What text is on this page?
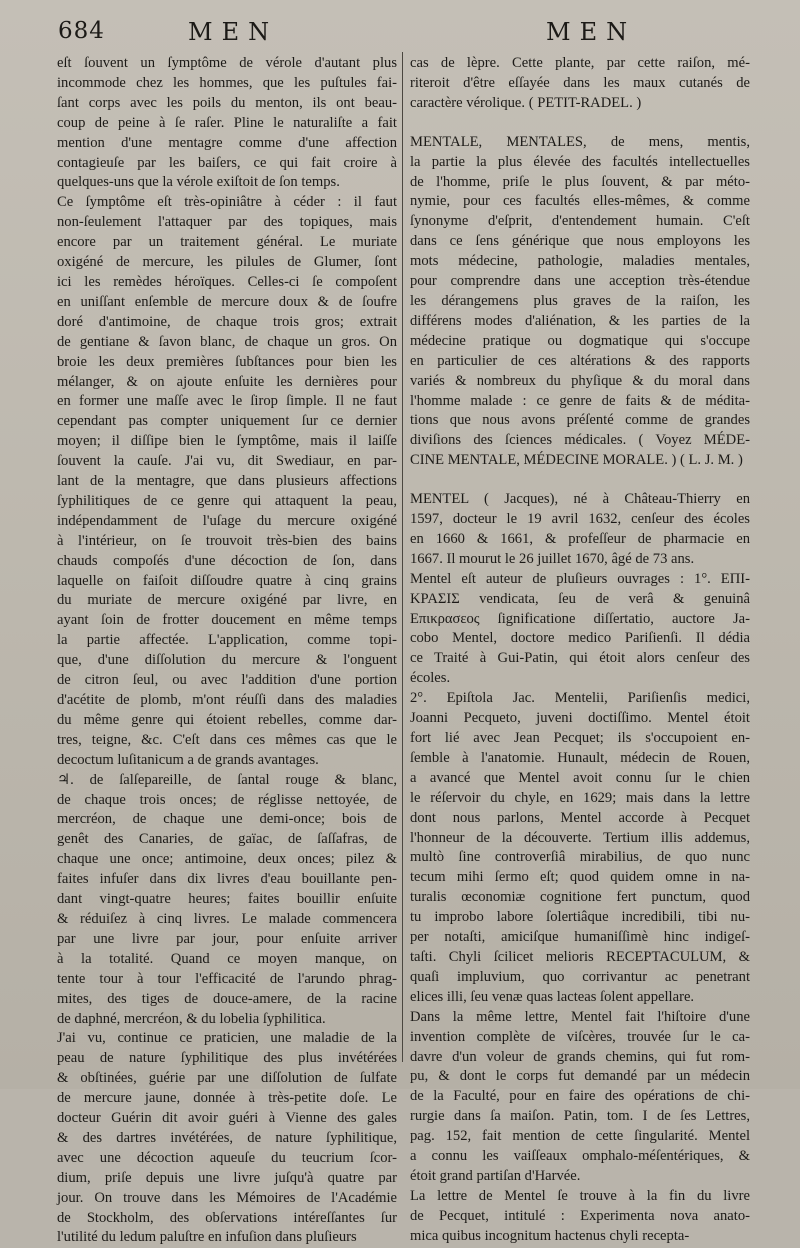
684	MEN	MEN
eſt ſouvent un ſymptôme de vérole d'autant plus
incommode chez les hommes, que les puſtules fai-
ſant corps avec les poils du menton, ils ont beau-
coup de peine à ſe raſer. Pline le naturaliſte a fait
mention d'une mentagre comme d'une affection
contagieuſe par les baiſers, ce qui fait croire à
quelques-uns que la vérole exiſtoit de ſon temps.
Ce ſymptôme eſt très-opiniâtre à céder : il faut
non-ſeulement l'attaquer par des topiques, mais
encore par un traitement général. Le muriate
oxigéné de mercure, les pilules de Glumer, ſont
ici les remèdes héroïques. Celles-ci ſe compoſent
en uniſſant enſemble de mercure doux & de ſoufre
doré d'antimoine, de chaque trois gros; extrait
de gentiane & ſavon blanc, de chaque un gros. On
broie les deux premières ſubſtances pour bien les
mélanger, & on ajoute enſuite les dernières pour
en former une maſſe avec le ſirop ſimple. Il ne faut
cependant pas compter uniquement ſur ce dernier
moyen; il diſſipe bien le ſymptôme, mais il laiſſe
ſouvent la cauſe. J'ai vu, dit Swediaur, en par-
lant de la mentagre, que dans plusieurs affections
ſyphilitiques de ce genre qui attaquent la peau,
indépendamment de l'uſage du mercure oxigéné
à l'intérieur, on ſe trouvoit très-bien des bains
chauds compoſés d'une décoction de ſon, dans
laquelle on faiſoit diſſoudre quatre à cinq grains
du muriate de mercure oxigéné par livre, en
ayant ſoin de frotter doucement en même temps
la partie affectée. L'application, comme topi-
que, d'une diſſolution du mercure & l'onguent
de citron ſeul, ou avec l'addition d'une portion
d'acétite de plomb, m'ont réuſſi dans des maladies
du même genre qui étoient rebelles, comme dar-
tres, teigne, &c. C'eſt dans ces mêmes cas que le
decoctum luſitanicum a de grands avantages.
♃. de ſalſepareille, de ſantal rouge & blanc,
de chaque trois onces; de réglisse nettoyée, de
mercréon, de chaque une demi-once; bois de
genêt des Canaries, de gaïac, de ſaſſafras, de
chaque une once; antimoine, deux onces; pilez &
faites infuſer dans dix livres d'eau bouillante pen-
dant vingt-quatre heures; faites bouillir enſuite
& réduiſez à cinq livres. Le malade commencera
par une livre par jour, pour enſuite arriver
à la totalité. Quand ce moyen manque, on
tente tour à tour l'efficacité de l'arundo phrag-
mites, des tiges de douce-amere, de la racine
de daphné, mercréon, & du lobelia ſyphilitica.
J'ai vu, continue ce praticien, une maladie de la
peau de nature ſyphilitique des plus invétérées
& obſtinées, guérie par une diſſolution de ſulfate
de mercure jaune, donnée à très-petite doſe. Le
docteur Guérin dit avoir guéri à Vienne des gales
& des dartres invétérées, de nature ſyphilitique,
avec une décoction aqueuſe du teucrium ſcor-
dium, priſe depuis une livre juſqu'à quatre par
jour. On trouve dans les Mémoires de l'Académie
de Stockholm, des obſervations intéreſſantes ſur
l'utilité du ledum paluſtre en infuſion dans pluſieurs
cas de lèpre. Cette plante, par cette raiſon, mé-
riteroit d'être eſſayée dans les maux cutanés de
caractère vérolique. ( PETIT-RADEL. )
MENTALE, MENTALES, de mens, mentis,
la partie la plus élevée des facultés intellectuelles
de l'homme, priſe le plus ſouvent, & par méto-
nymie, pour ces facultés elles-mêmes, & comme
ſynonyme d'eſprit, d'entendement humain. C'eſt
dans ce ſens générique que nous employons les
mots médecine, pathologie, maladies mentales,
pour comprendre dans une acception très-étendue
les dérangemens plus graves de la raiſon, les
différens modes d'aliénation, & les parties de la
médecine pratique ou dogmatique qui s'occupe
en particulier de ces altérations & des rapports
variés & nombreux du phyſique & du moral dans
l'homme malade : ce genre de faits & de médita-
tions que nous avons préſenté comme de grandes
diviſions des ſciences médicales. ( Voyez MÉDE-
CINE MENTALE, MÉDECINE MORALE. ) ( L. J. M. )
MENTEL ( Jacques), né à Château-Thierry en
1597, docteur le 19 avril 1632, cenſeur des écoles
en 1660 & 1661, & profeſſeur de pharmacie en
1667. Il mourut le 26 juillet 1670, âgé de 73 ans.
Mentel eſt auteur de pluſieurs ouvrages : 1°. ΕΠΙ-
ΚΡΑΣΙΣ vendicata, ſeu de verâ & genuinâ
Επικρασεος ſignificatione diſſertatio, auctore Ja-
cobo Mentel, doctore medico Pariſienſi. Il dédia
ce Traité à Gui-Patin, qui étoit alors cenſeur des
écoles.
2°. Epiſtola Jac. Mentelii, Pariſienſis medici,
Joanni Pecqueto, juveni doctiſſimo. Mentel étoit
fort lié avec Jean Pecquet; ils s'occupoient en-
ſemble à l'anatomie. Hunault, médecin de Rouen,
a avancé que Mentel avoit connu ſur le chien
le réſervoir du chyle, en 1629; mais dans la lettre
dont nous parlons, Mentel accorde à Pecquet
l'honneur de la découverte. Tertium illis addemus,
multò ſine controverſiâ mirabilius, de quo nunc
tecum mihi ſermo eſt; quod quidem omne in na-
turalis œconomiæ cognitione fert punctum, quod
tu improbo labore ſolertiâque incredibili, tibi nu-
per notaſti, amiciſque humaniſſimè hinc indigeſ-
taſti. Chyli ſcilicet melioris RECEPTACULUM, &
quaſi impluvium, quo corrivantur ac penetrant
elices illi, ſeu venæ quas lacteas ſolent appellare.
Dans la même lettre, Mentel fait l'hiſtoire d'une
invention complète de viſcères, trouvée ſur le ca-
davre d'un voleur de grands chemins, qui fut rom-
pu, & dont le corps fut demandé par un médecin
de la Faculté, pour en faire des opérations de chi-
rurgie dans ſa maiſon. Patin, tom. I de ſes Lettres,
pag. 152, fait mention de cette ſingularité. Mentel
a connu les vaiſſeaux omphalo-méſentériques, &
étoit grand partiſan d'Harvée.
La lettre de Mentel ſe trouve à la fin du livre
de Pecquet, intitulé : Experimenta nova anato-
mica quibus incognitum hactenus chyli recepta-
